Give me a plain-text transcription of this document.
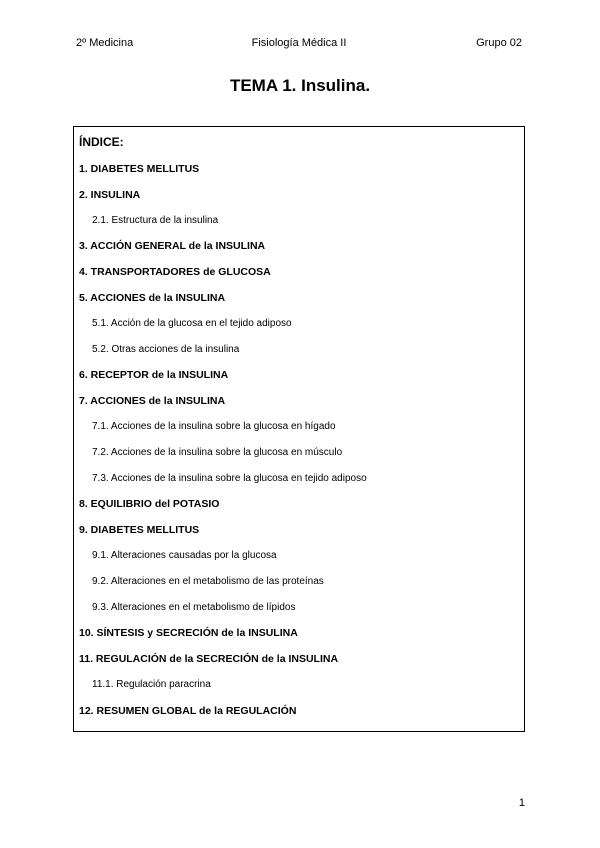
2º Medicina	Fisiología Médica II	Grupo 02
TEMA 1. Insulina.
ÍNDICE:
1. DIABETES MELLITUS
2. INSULINA
2.1. Estructura de la insulina
3. ACCIÓN GENERAL de la INSULINA
4. TRANSPORTADORES de GLUCOSA
5. ACCIONES de la INSULINA
5.1. Acción de la glucosa en el tejido adiposo
5.2. Otras acciones de la insulina
6. RECEPTOR de la INSULINA
7. ACCIONES de la INSULINA
7.1. Acciones de la insulina sobre la glucosa en hígado
7.2. Acciones de la insulina sobre la glucosa en músculo
7.3. Acciones de la insulina sobre la glucosa en tejido adiposo
8. EQUILIBRIO del POTASIO
9. DIABETES MELLITUS
9.1. Alteraciones causadas por la glucosa
9.2. Alteraciones en el metabolismo de las proteínas
9.3. Alteraciones en el metabolismo de lípidos
10. SÍNTESIS y SECRECIÓN de la INSULINA
11. REGULACIÓN de la SECRECIÓN de la INSULINA
11.1. Regulación paracrina
12. RESUMEN GLOBAL de la REGULACIÓN
1
